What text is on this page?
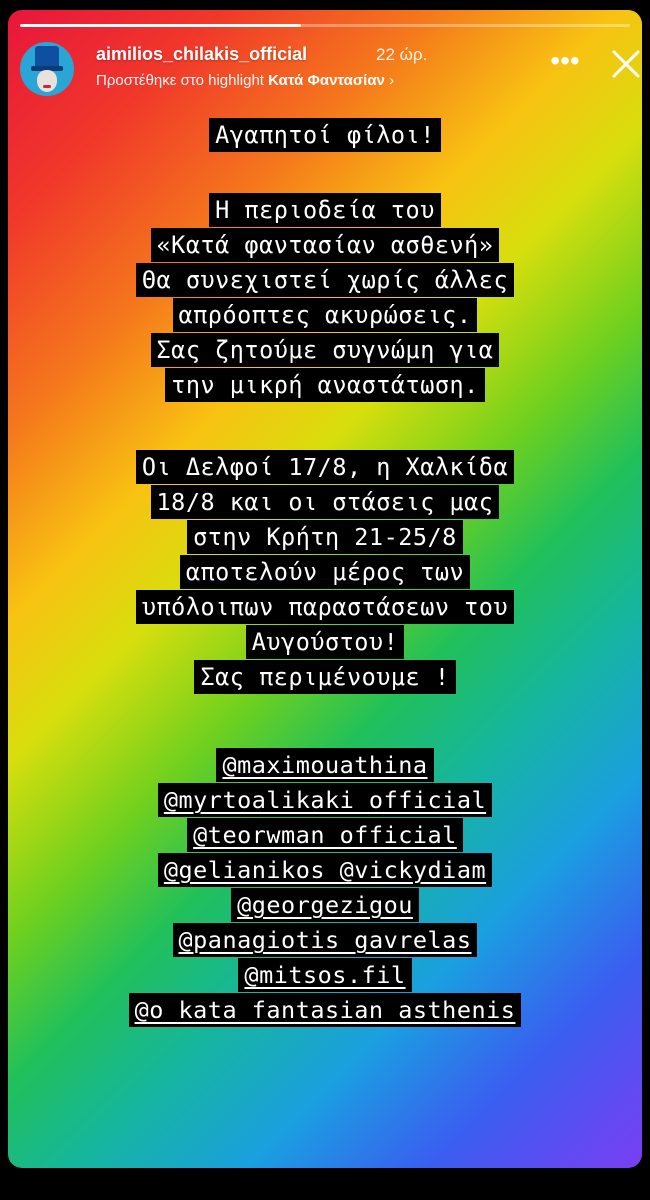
aimilios_chilakis_official	22 ώρ.
Προστέθηκε στο highlight Κατά Φαντασίαν ›
•••
Αγαπητοί φίλοι!
Η περιοδεία του
«Κατά φαντασίαν ασθενή»
Θα συνεχιστεί χωρίς άλλες
απρόοπτες ακυρώσεις.
Σας ζητούμε συγνώμη για
την μικρή αναστάτωση.
Οι Δελφοί 17/8, η Χαλκίδα
18/8 και οι στάσεις μας
στην Κρήτη 21-25/8
αποτελούν μέρος των
υπόλοιπων παραστάσεων του
Αυγούστου!
Σας περιμένουμε !
@maximouathina
@myrtoalikaki_official
@teorwman_official
@gelianikos @vickydiam
@georgezigou
@panagiotis_gavrelas
@mitsos.fil
@o_kata_fantasian_asthenis
